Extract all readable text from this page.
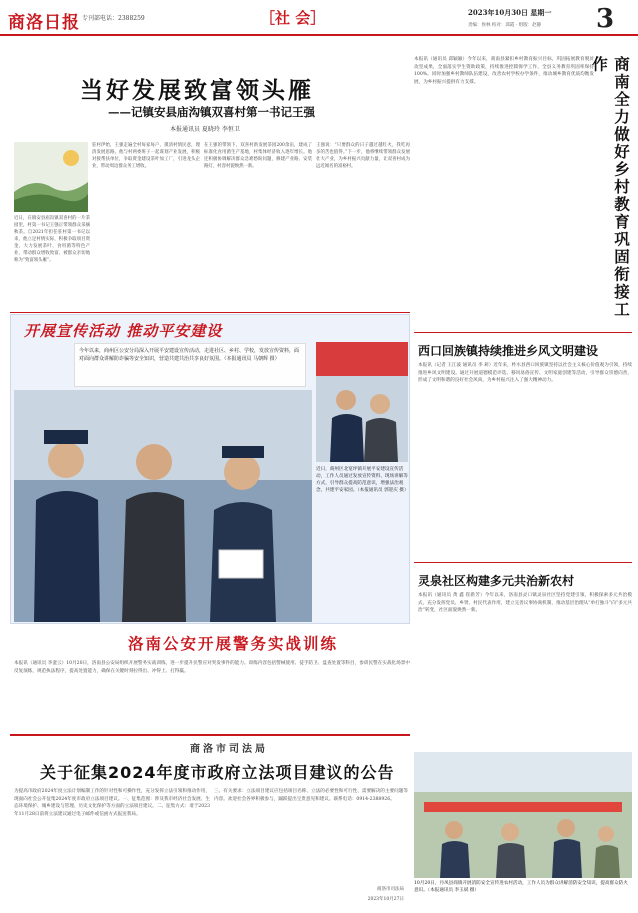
商洛日报 专刊部电话：2388259	［社 会］	2023年10月30日 星期一
责编：侯林 校对：邱霞 · 组版：赵静 3
当好发展致富领头雁
——记镇安县庙沟镇双喜村第一书记王强
本报通讯员 夏晓玲 李恒卫
近日，在镇安县庙沟镇双喜村的一片茶园里，村第一书记王强正带领群众采摘秋茶。自2021年担任驻村第一书记以来，他立足村情实际，积极争取项目资金，大力发展茶叶、食用菌等特色产业，带动群众增收致富，被群众亲切地称为“致富领头雁”。
驻村伊始，王强走遍全村每家每户，摸清村情民意，理清发展思路。他与村两委班子一起谋划产业发展，积极对接帮扶单位，争取资金建设茶叶加工厂，引进龙头企业，带动周边群众务工增收。
在王强的带领下，双喜村新发展茶园200余亩，建成了标准化食用菌生产基地，村集体经济收入逐年增长。他还积极协调解决群众急难愁盼问题，修建产业路、安装路灯，村容村貌焕然一新。
王强说：“只要群众的日子越过越红火，我吃再多的苦也值得。”下一步，他将继续带领群众发展壮大产业，为乡村振兴贡献力量，让双喜村成为远近闻名的富裕村。
本报讯（通讯员 邱颖颖）今年以来，商南县紧扣乡村教育振兴目标，巩固拓展教育脱贫攻坚成果，全面落实学生资助政策，持续推进控辍保学工作，全县义务教育巩固率保持100%。同时加强乡村教师队伍建设，改善农村学校办学条件，推动城乡教育优质均衡发展，为乡村振兴提供有力支撑。	商南全力做好乡村教育巩固衔接工作
开展宣传活动 推动平安建设
今年以来，商州区公安分局深入开展平安建设宣传活动，走进社区、乡村、学校，发放宣传资料，面对面向群众讲解防诈骗等安全知识，营造共建共治共享良好氛围。（本报通讯员 马朝辉 摄）
近日，商州区北宽坪镇开展平安建设宣传活动，工作人员通过发放宣传资料、现场讲解等方式，引导群众提高防范意识，增强法治观念，共建平安家园。（本报通讯员 郭迎庆 摄）
西口回族镇持续推进乡风文明建设
本报讯（记者 王江波 通讯员 李 莉）近年来，柞水县西口回族镇坚持以社会主义核心价值观为引领，持续推进乡风文明建设。通过开展道德模范评选、移风易俗宣传、文明家庭创建等活动，引导群众崇德向善，形成了文明和谐的良好社会风尚，为乡村振兴注入了强大精神动力。
灵泉社区构建多元共治新农村
本报讯（通讯员 黄 鑫 崔新芳）今年以来，洛南县灵口镇灵泉社区坚持党建引领，积极探索多元共治模式，充分发挥党员、乡贤、村民代表作用，建立完善议事协商机制，推动基层治理从“单打独斗”向“多元共治”转变，社区面貌焕然一新。
10月20日，丹凤县商镇开展消防安全宣传进农村活动，工作人员为群众讲解消防安全知识，提高群众防火意识。（本报通讯员 李玉斌 摄）
洛南公安开展警务实战训练
本报讯（通讯员 李蛮云）10月20日，洛南县公安局组织开展警务实战训练，进一步提升民警应对突发事件的能力。训练内容包括警械使用、徒手防卫、盘查处置等科目，参训民警在实战化场景中反复演练，规范执法程序，提高处置能力，确保在关键时刻拉得出、冲得上、打得赢。
商洛市司法局
关于征集2024年度市政府立法项目建议的公告
为提高市政府2024年度立法计划编制工作的针对性和可操作性，充分发挥立法引领和推动作用，现面向社会公开征集2024年度市政府立法项目建议。一、征集范围：涉及我市经济社会发展、生态环境保护、城乡建设与管理、历史文化保护等方面的立法项目建议。二、征集方式：请于2023年11月28日前将立法建议通过电子邮件或信函方式报送我局。
三、有关要求：立法项目建议应包括项目名称、立法的必要性和可行性、需要解决的主要问题等内容。欢迎社会各界积极参与，踊跃提出宝贵意见和建议。联系电话：0914-2388926。
商洛市司法局
2023年10月27日
